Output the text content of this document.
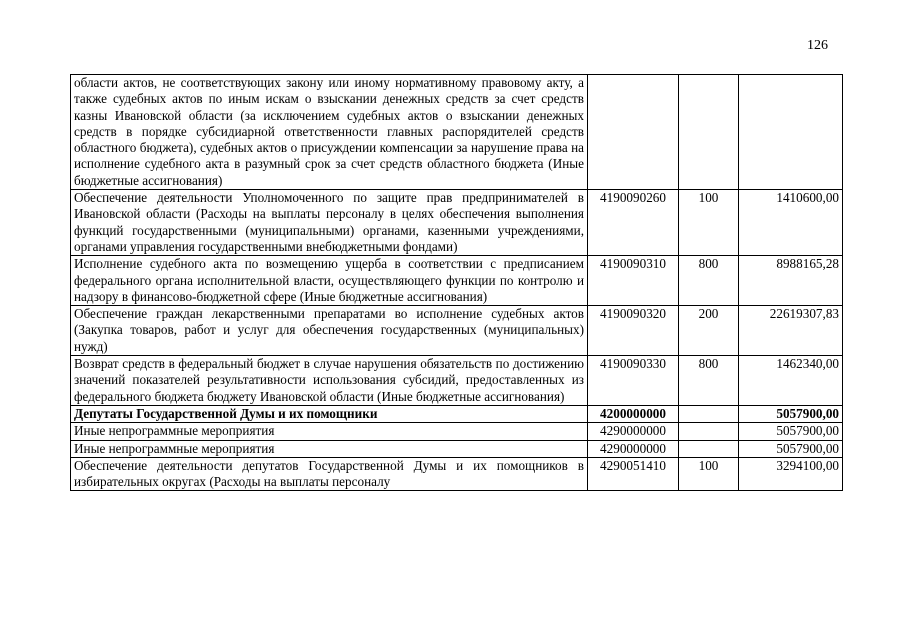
126
области актов, не соответствующих закону или иному нормативному правовому акту, а также судебных актов по иным искам о взыскании денежных средств за счет средств казны Ивановской области (за исключением судебных актов о взыскании денежных средств в порядке субсидиарной ответственности главных распорядителей средств областного бюджета), судебных актов о присуждении компенсации за нарушение права на исполнение судебного акта в разумный срок за счет средств областного бюджета (Иные бюджетные ассигнования)			
Обеспечение деятельности Уполномоченного по защите прав предпринимателей в Ивановской области (Расходы на выплаты персоналу в целях обеспечения выполнения функций государственными (муниципальными) органами, казенными учреждениями, органами управления государственными внебюджетными фондами)	4190090260	100	1410600,00
Исполнение судебного акта по возмещению ущерба в соответствии с предписанием федерального органа исполнительной власти, осуществляющего функции по контролю и надзору в финансово-бюджетной сфере (Иные бюджетные ассигнования)	4190090310	800	8988165,28
Обеспечение граждан лекарственными препаратами во исполнение судебных актов (Закупка товаров, работ и услуг для обеспечения государственных (муниципальных) нужд)	4190090320	200	22619307,83
Возврат средств в федеральный бюджет в случае нарушения обязательств по достижению значений показателей результативности использования субсидий, предоставленных из федерального бюджета бюджету Ивановской области (Иные бюджетные ассигнования)	4190090330	800	1462340,00
Депутаты Государственной Думы и их помощники	4200000000		5057900,00
Иные непрограммные мероприятия	4290000000		5057900,00
Иные непрограммные мероприятия	4290000000		5057900,00
Обеспечение деятельности депутатов Государственной Думы и их помощников в избирательных округах (Расходы на выплаты персоналу	4290051410	100	3294100,00
